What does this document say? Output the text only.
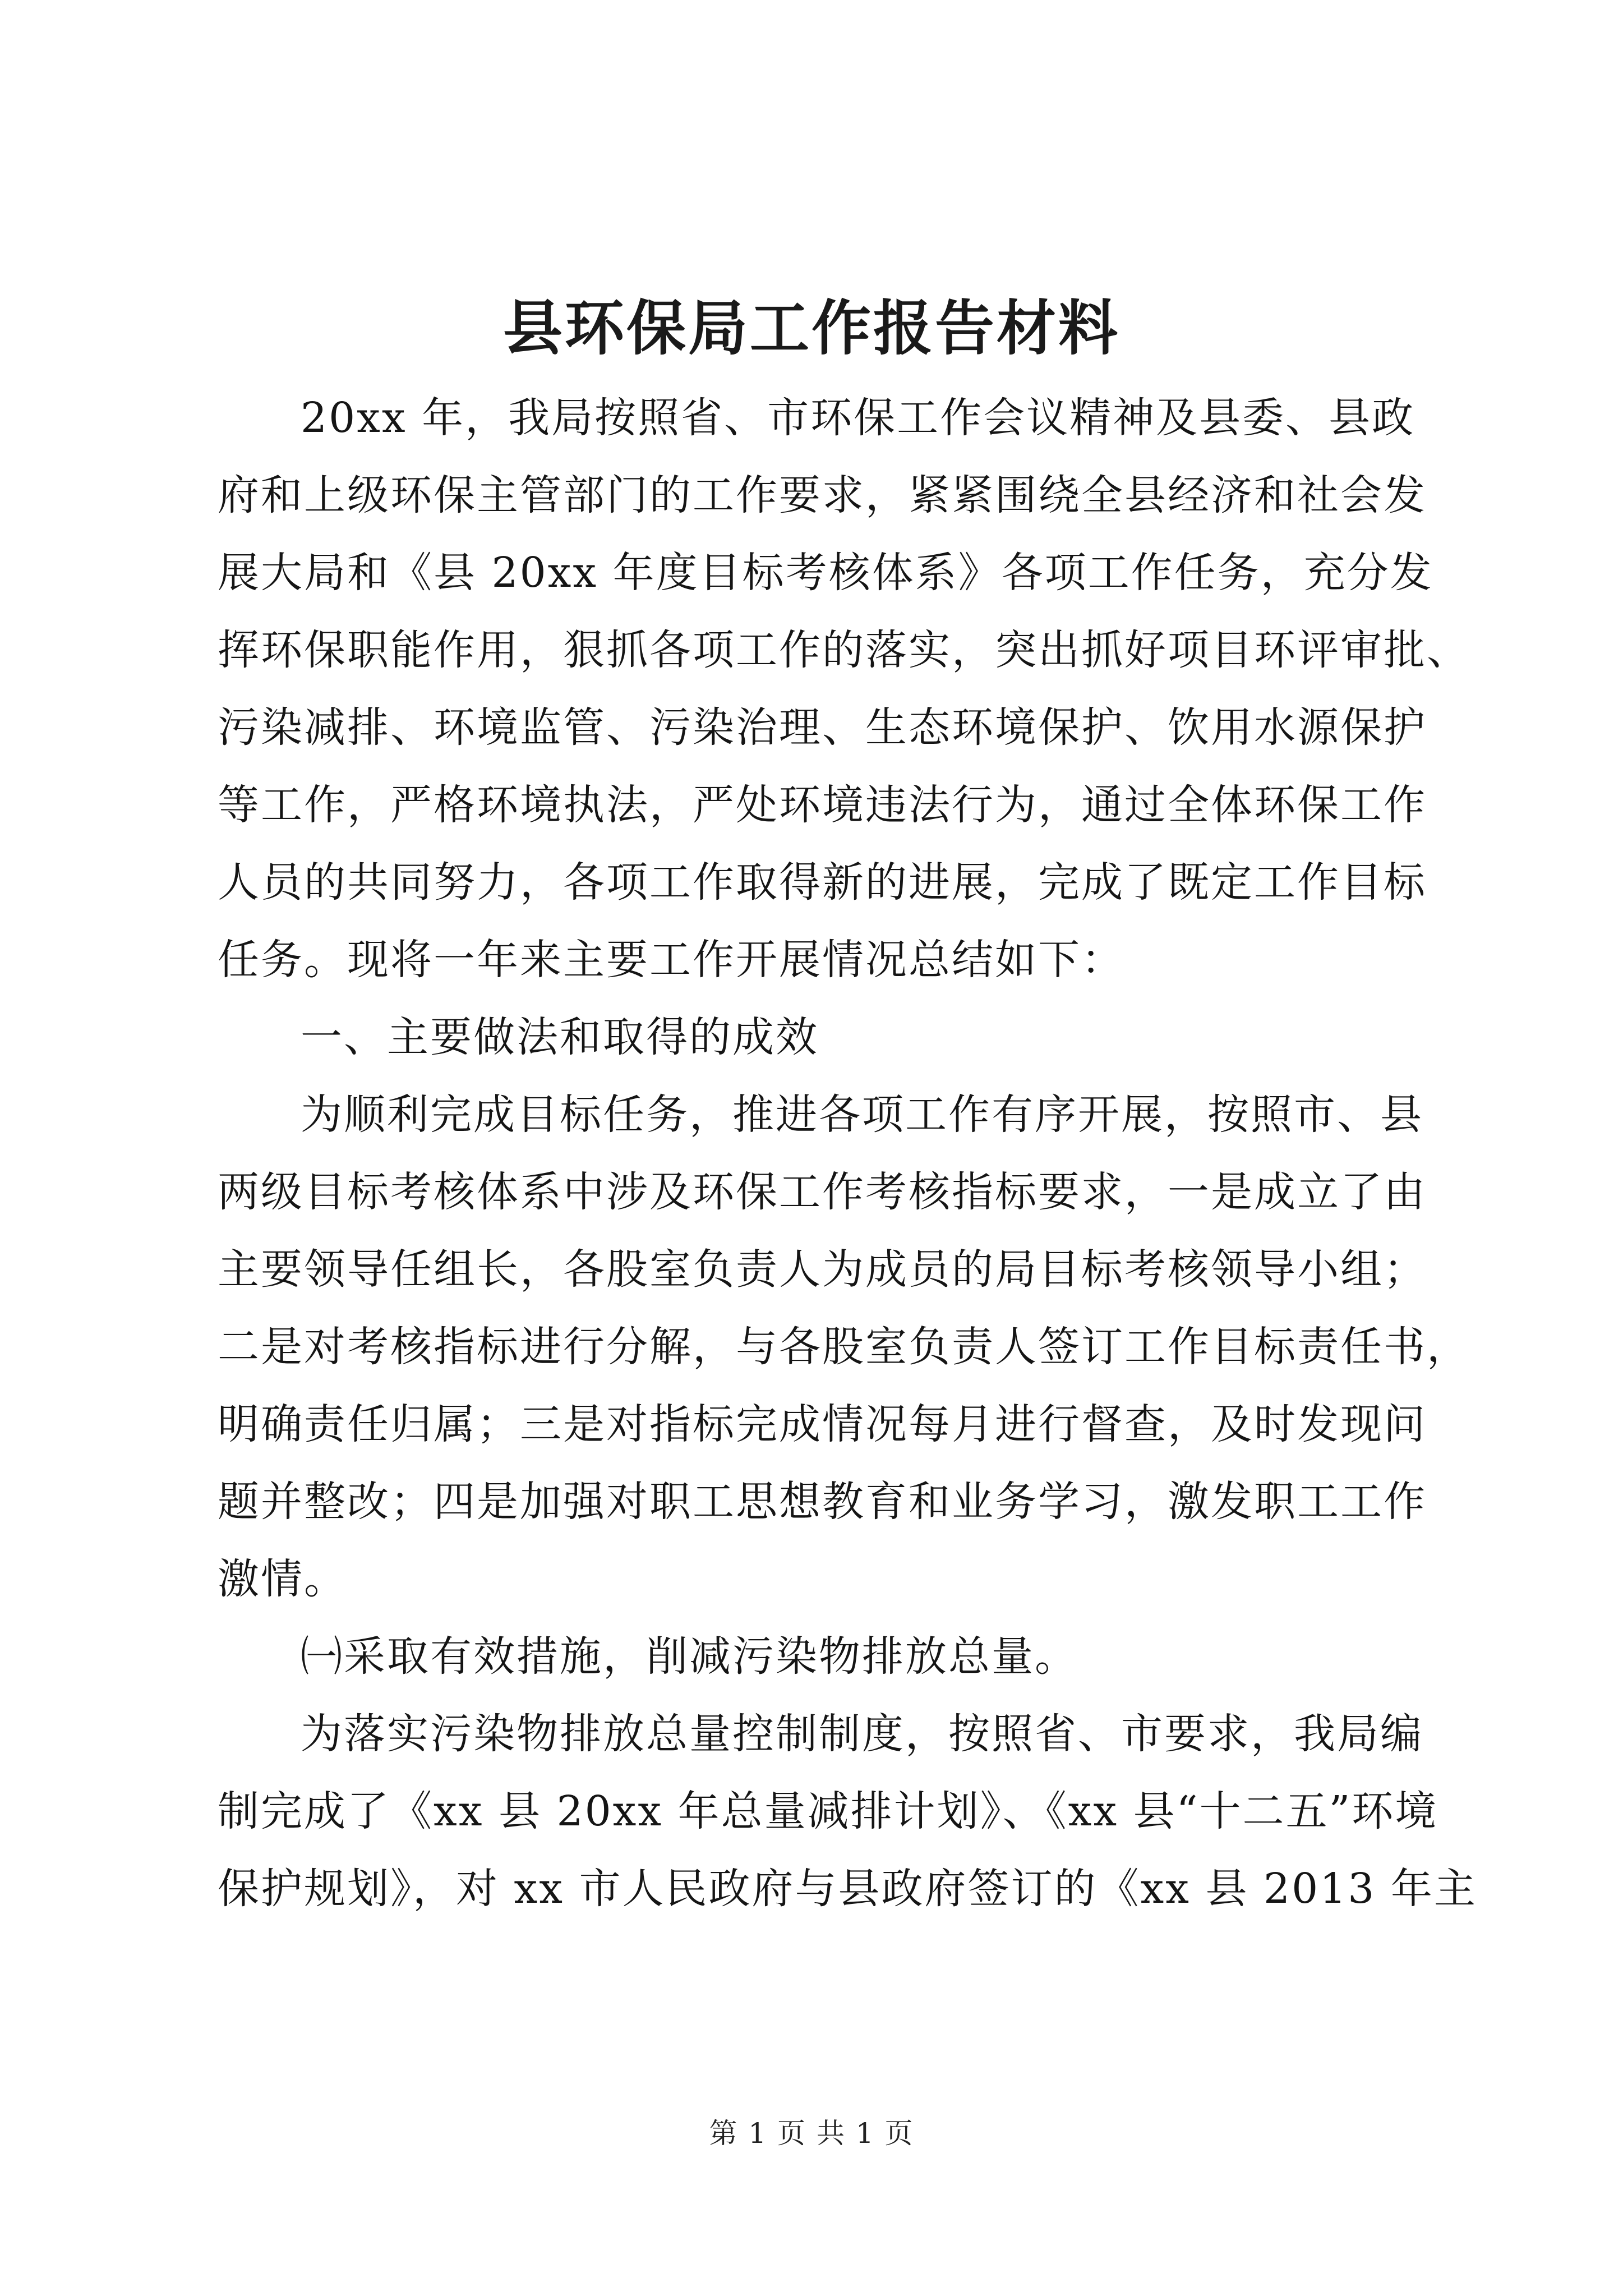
县环保局工作报告材料
20xx 年，我局按照省、市环保工作会议精神及县委、县政
府和上级环保主管部门的工作要求，紧紧围绕全县经济和社会发
展大局和《县 20xx 年度目标考核体系》各项工作任务，充分发
挥环保职能作用，狠抓各项工作的落实，突出抓好项目环评审批、
污染减排、环境监管、污染治理、生态环境保护、饮用水源保护
等工作，严格环境执法，严处环境违法行为，通过全体环保工作
人员的共同努力，各项工作取得新的进展，完成了既定工作目标
任务。现将一年来主要工作开展情况总结如下：
一、主要做法和取得的成效
为顺利完成目标任务，推进各项工作有序开展，按照市、县
两级目标考核体系中涉及环保工作考核指标要求，一是成立了由
主要领导任组长，各股室负责人为成员的局目标考核领导小组；
二是对考核指标进行分解，与各股室负责人签订工作目标责任书，
明确责任归属；三是对指标完成情况每月进行督查，及时发现问
题并整改；四是加强对职工思想教育和业务学习，激发职工工作
激情。
㈠采取有效措施，削减污染物排放总量。
为落实污染物排放总量控制制度，按照省、市要求，我局编
制完成了《xx 县 20xx 年总量减排计划》、《xx 县“十二五”环境
保护规划》，对 xx 市人民政府与县政府签订的《xx 县 2013 年主
第 1 页 共 1 页
